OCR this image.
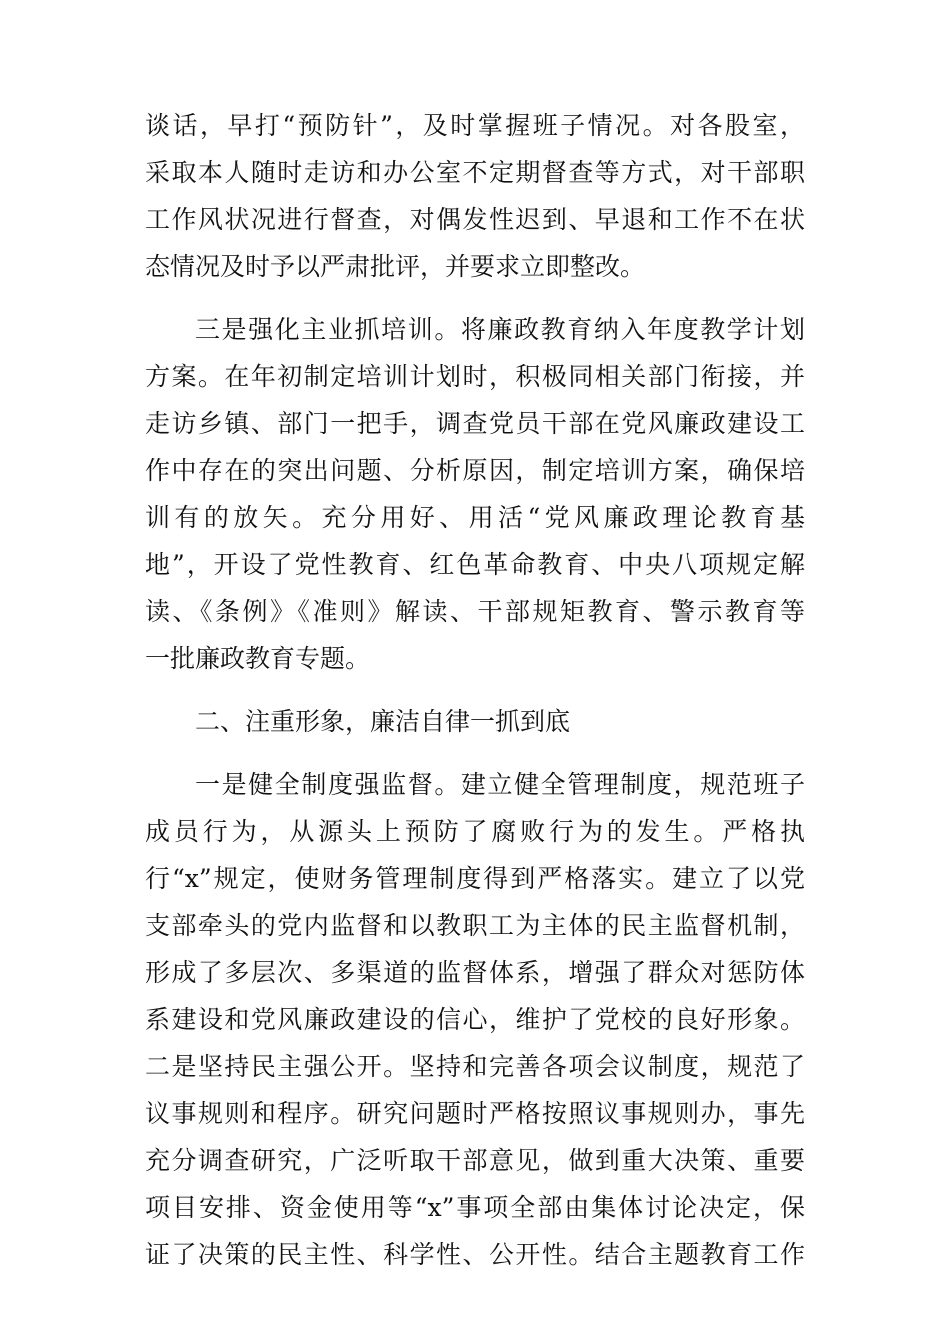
谈话，早打“预防针”，及时掌握班子情况。对各股室，
采取本人随时走访和办公室不定期督查等方式，对干部职
工作风状况进行督查，对偶发性迟到、早退和工作不在状
态情况及时予以严肃批评，并要求立即整改。
三是强化主业抓培训。将廉政教育纳入年度教学计划
方案。在年初制定培训计划时，积极同相关部门衔接，并
走访乡镇、部门一把手，调查党员干部在党风廉政建设工
作中存在的突出问题、分析原因，制定培训方案，确保培
训有的放矢。充分用好、用活“党风廉政理论教育基
地”，开设了党性教育、红色革命教育、中央八项规定解
读、《条例》《准则》解读、干部规矩教育、警示教育等
一批廉政教育专题。
二、注重形象，廉洁自律一抓到底
一是健全制度强监督。建立健全管理制度，规范班子
成员行为，从源头上预防了腐败行为的发生。严格执
行“x”规定，使财务管理制度得到严格落实。建立了以党
支部牵头的党内监督和以教职工为主体的民主监督机制，
形成了多层次、多渠道的监督体系，增强了群众对惩防体
系建设和党风廉政建设的信心，维护了党校的良好形象。
二是坚持民主强公开。坚持和完善各项会议制度，规范了
议事规则和程序。研究问题时严格按照议事规则办，事先
充分调查研究，广泛听取干部意见，做到重大决策、重要
项目安排、资金使用等“x”事项全部由集体讨论决定，保
证了决策的民主性、科学性、公开性。结合主题教育工作
